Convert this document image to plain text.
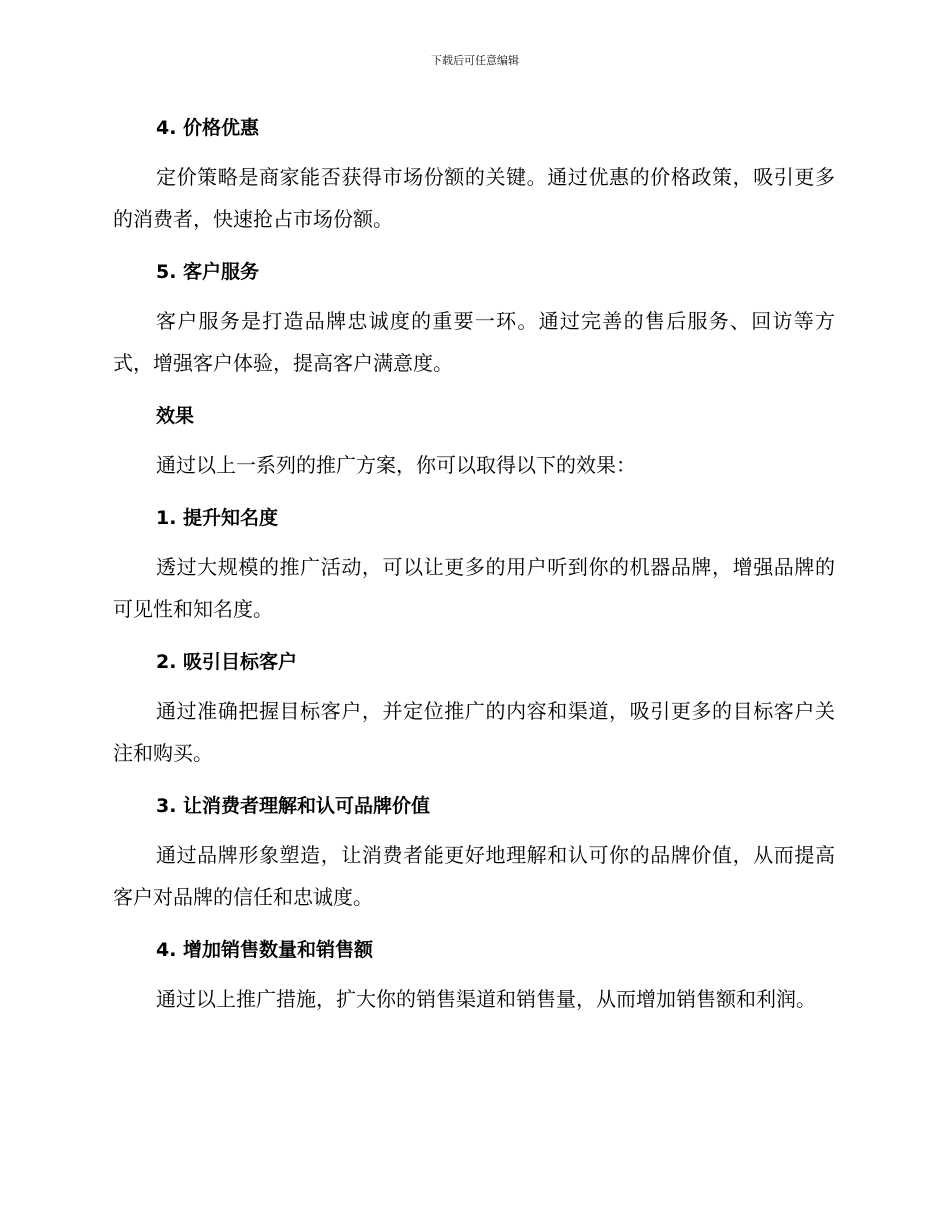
下载后可任意编辑
4. 价格优惠

定价策略是商家能否获得市场份额的关键。通过优惠的价格政策，吸引更多的消费者，快速抢占市场份额。

5. 客户服务

客户服务是打造品牌忠诚度的重要一环。通过完善的售后服务、回访等方式，增强客户体验，提高客户满意度。

效果

通过以上一系列的推广方案，你可以取得以下的效果：

1. 提升知名度

透过大规模的推广活动，可以让更多的用户听到你的机器品牌，增强品牌的可见性和知名度。

2. 吸引目标客户

通过准确把握目标客户，并定位推广的内容和渠道，吸引更多的目标客户关注和购买。

3. 让消费者理解和认可品牌价值

通过品牌形象塑造，让消费者能更好地理解和认可你的品牌价值，从而提高客户对品牌的信任和忠诚度。

4. 增加销售数量和销售额

通过以上推广措施，扩大你的销售渠道和销售量，从而增加销售额和利润。
